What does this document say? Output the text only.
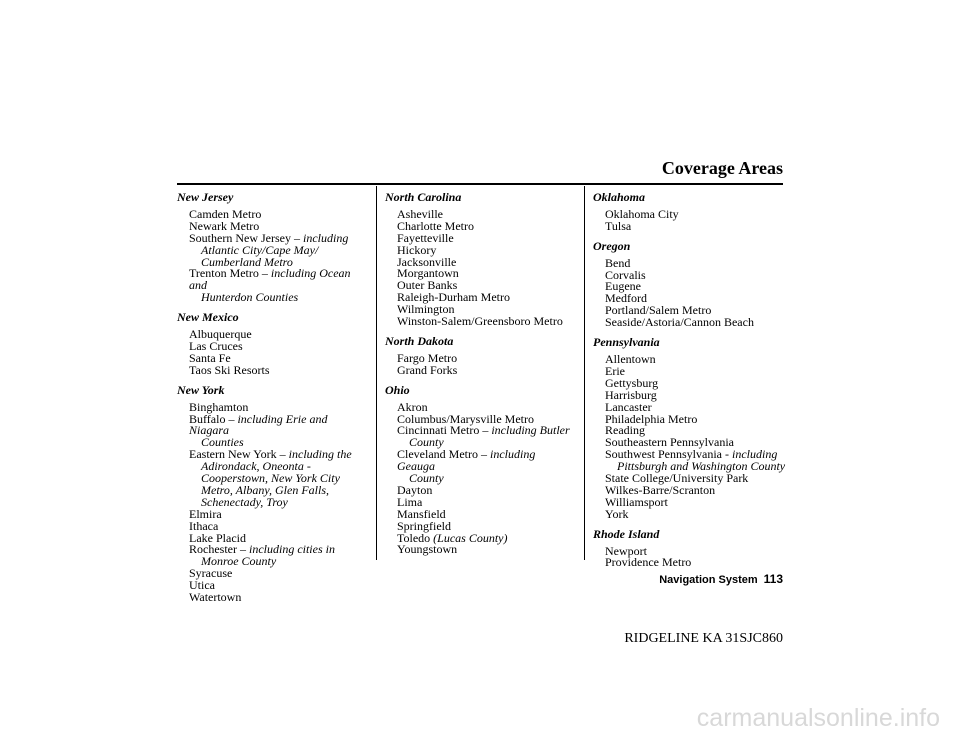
Coverage Areas
New Jersey
Camden Metro
Newark Metro
Southern New Jersey – including
Atlantic City/Cape May/
Cumberland Metro
Trenton Metro – including Ocean and
Hunterdon Counties
New Mexico
Albuquerque
Las Cruces
Santa Fe
Taos Ski Resorts
New York
Binghamton
Buffalo – including Erie and Niagara
Counties
Eastern New York – including the
Adirondack, Oneonta -
Cooperstown, New York City
Metro, Albany, Glen Falls,
Schenectady, Troy
Elmira
Ithaca
Lake Placid
Rochester – including cities in
Monroe County
Syracuse
Utica
Watertown
North Carolina
Asheville
Charlotte Metro
Fayetteville
Hickory
Jacksonville
Morgantown
Outer Banks
Raleigh-Durham Metro
Wilmington
Winston-Salem/Greensboro Metro
North Dakota
Fargo Metro
Grand Forks
Ohio
Akron
Columbus/Marysville Metro
Cincinnati Metro – including Butler
County
Cleveland Metro – including Geauga
County
Dayton
Lima
Mansfield
Springfield
Toledo (Lucas County)
Youngstown
Oklahoma
Oklahoma City
Tulsa
Oregon
Bend
Corvalis
Eugene
Medford
Portland/Salem Metro
Seaside/Astoria/Cannon Beach
Pennsylvania
Allentown
Erie
Gettysburg
Harrisburg
Lancaster
Philadelphia Metro
Reading
Southeastern Pennsylvania
Southwest Pennsylvania - including
Pittsburgh and Washington County
State College/University Park
Wilkes-Barre/Scranton
Williamsport
York
Rhode Island
Newport
Providence Metro
Navigation System 113
RIDGELINE KA 31SJC860
carmanualsonline.info
